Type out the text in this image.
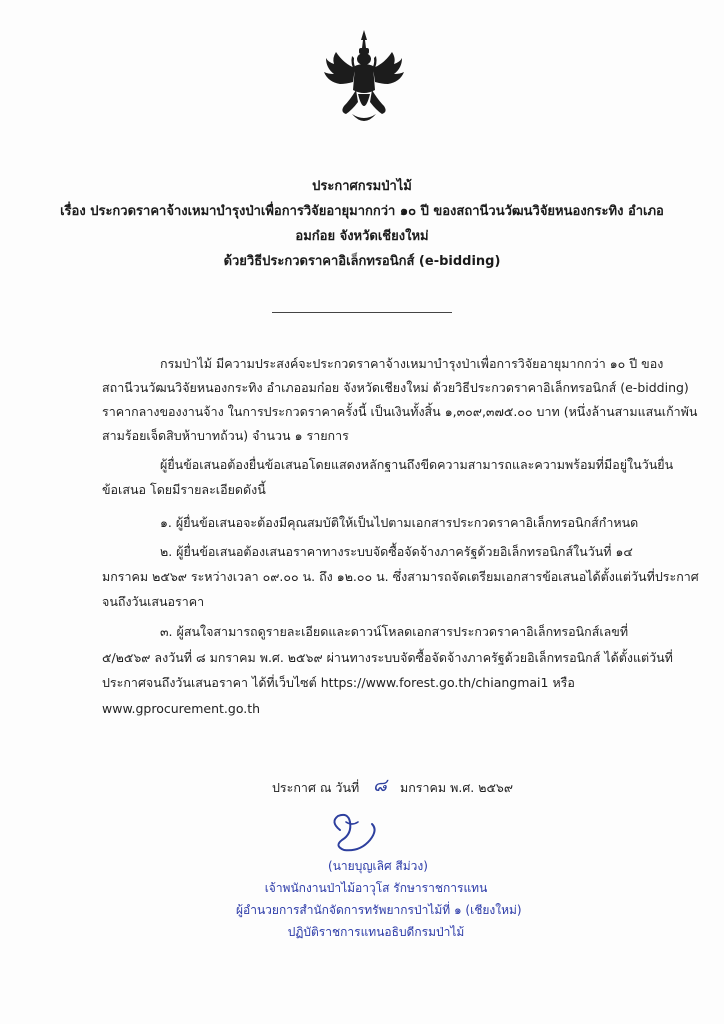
ประกาศกรมป่าไม้
เรื่อง ประกวดราคาจ้างเหมาบำรุงป่าเพื่อการวิจัยอายุมากกว่า ๑๐ ปี ของสถานีวนวัฒนวิจัยหนองกระทิง อำเภอ
อมก๋อย จังหวัดเชียงใหม่
ด้วยวิธีประกวดราคาอิเล็กทรอนิกส์ (e-bidding)
กรมป่าไม้ มีความประสงค์จะประกวดราคาจ้างเหมาบำรุงป่าเพื่อการวิจัยอายุมากกว่า ๑๐ ปี ของ
สถานีวนวัฒนวิจัยหนองกระทิง อำเภออมก๋อย จังหวัดเชียงใหม่ ด้วยวิธีประกวดราคาอิเล็กทรอนิกส์ (e-bidding)
ราคากลางของงานจ้าง ในการประกวดราคาครั้งนี้ เป็นเงินทั้งสิ้น ๑,๓๐๙,๓๗๕.๐๐ บาท (หนึ่งล้านสามแสนเก้าพัน
สามร้อยเจ็ดสิบห้าบาทถ้วน) จำนวน ๑ รายการ
ผู้ยื่นข้อเสนอต้องยื่นข้อเสนอโดยแสดงหลักฐานถึงขีดความสามารถและความพร้อมที่มีอยู่ในวันยื่น
ข้อเสนอ โดยมีรายละเอียดดังนี้
๑. ผู้ยื่นข้อเสนอจะต้องมีคุณสมบัติให้เป็นไปตามเอกสารประกวดราคาอิเล็กทรอนิกส์กำหนด
๒. ผู้ยื่นข้อเสนอต้องเสนอราคาทางระบบจัดซื้อจัดจ้างภาครัฐด้วยอิเล็กทรอนิกส์ในวันที่ ๑๔
มกราคม ๒๕๖๙ ระหว่างเวลา ๐๙.๐๐ น. ถึง ๑๒.๐๐ น. ซึ่งสามารถจัดเตรียมเอกสารข้อเสนอได้ตั้งแต่วันที่ประกาศ
จนถึงวันเสนอราคา
๓. ผู้สนใจสามารถดูรายละเอียดและดาวน์โหลดเอกสารประกวดราคาอิเล็กทรอนิกส์เลขที่
๕/๒๕๖๙ ลงวันที่ ๘ มกราคม พ.ศ. ๒๕๖๙ ผ่านทางระบบจัดซื้อจัดจ้างภาครัฐด้วยอิเล็กทรอนิกส์ ได้ตั้งแต่วันที่
ประกาศจนถึงวันเสนอราคา ได้ที่เว็บไซต์ https://www.forest.go.th/chiangmai1 หรือ
www.gprocurement.go.th
ประกาศ ณ วันที่ ๘ มกราคม พ.ศ. ๒๕๖๙
(นายบุญเลิศ สีม่วง)
เจ้าพนักงานป่าไม้อาวุโส รักษาราชการแทน
ผู้อำนวยการสำนักจัดการทรัพยากรป่าไม้ที่ ๑ (เชียงใหม่)
ปฏิบัติราชการแทนอธิบดีกรมป่าไม้
